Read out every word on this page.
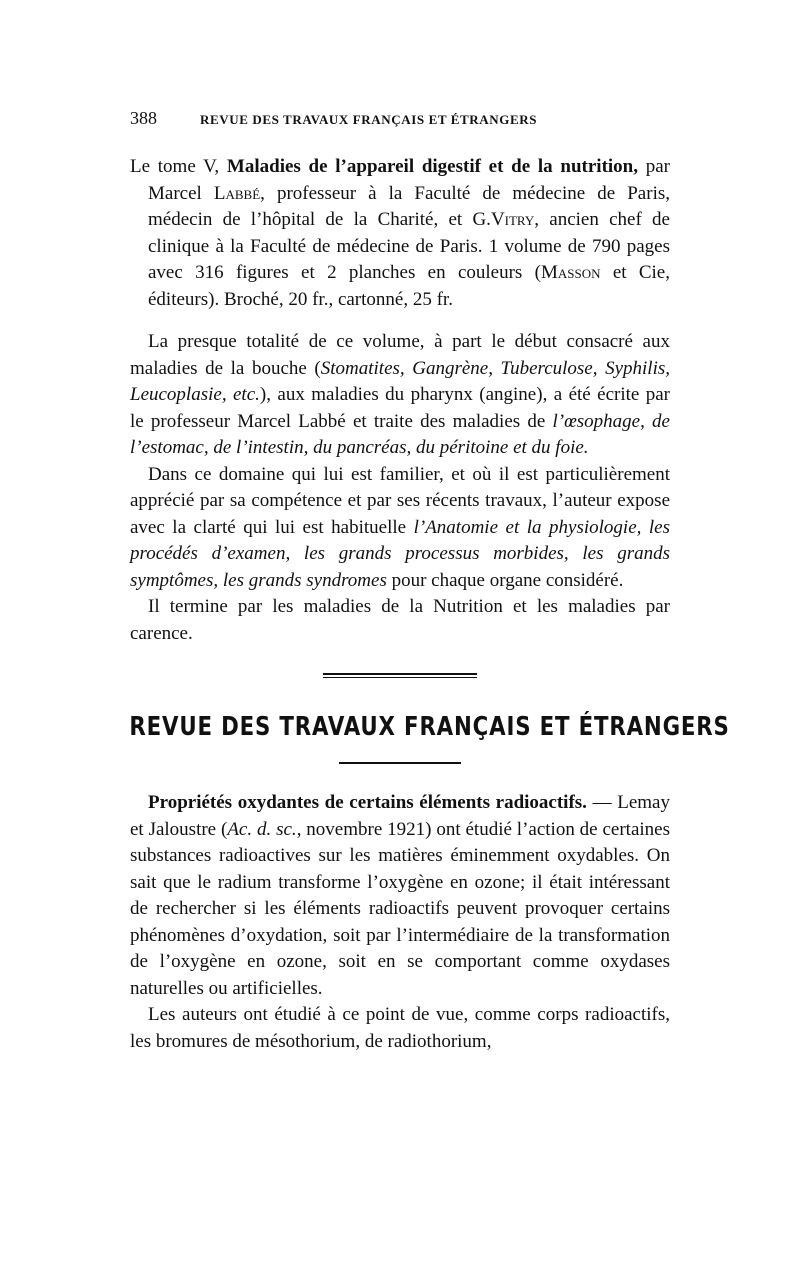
388	REVUE DES TRAVAUX FRANÇAIS ET ÉTRANGERS

Le tome V, Maladies de l’appareil digestif et de la nutrition, par Marcel Labbé, professeur à la Faculté de médecine de Paris, médecin de l’hôpital de la Charité, et G.Vitry, ancien chef de clinique à la Faculté de médecine de Paris. 1 volume de 790 pages avec 316 figures et 2 planches en couleurs (Masson et Cie, éditeurs). Broché, 20 fr., cartonné, 25 fr.

La presque totalité de ce volume, à part le début consacré aux maladies de la bouche (Stomatites, Gangrène, Tuberculose, Syphilis, Leucoplasie, etc.), aux maladies du pharynx (angine), a été écrite par le professeur Marcel Labbé et traite des maladies de l’œsophage, de l’estomac, de l’intestin, du pancréas, du péritoine et du foie.

Dans ce domaine qui lui est familier, et où il est particulièrement apprécié par sa compétence et par ses récents travaux, l’auteur expose avec la clarté qui lui est habituelle l’Anatomie et la physiologie, les procédés d’examen, les grands processus morbides, les grands symptômes, les grands syndromes pour chaque organe considéré.

Il termine par les maladies de la Nutrition et les maladies par carence.

REVUE DES TRAVAUX FRANÇAIS ET ÉTRANGERS

Propriétés oxydantes de certains éléments radioactifs. — Lemay et Jaloustre (Ac. d. sc., novembre 1921) ont étudié l’action de certaines substances radioactives sur les matières éminemment oxydables. On sait que le radium transforme l’oxygène en ozone; il était intéressant de rechercher si les éléments radioactifs peuvent provoquer certains phénomènes d’oxydation, soit par l’intermédiaire de la transformation de l’oxygène en ozone, soit en se comportant comme oxydases naturelles ou artificielles.

Les auteurs ont étudié à ce point de vue, comme corps radioactifs, les bromures de mésothorium, de radiothorium,
